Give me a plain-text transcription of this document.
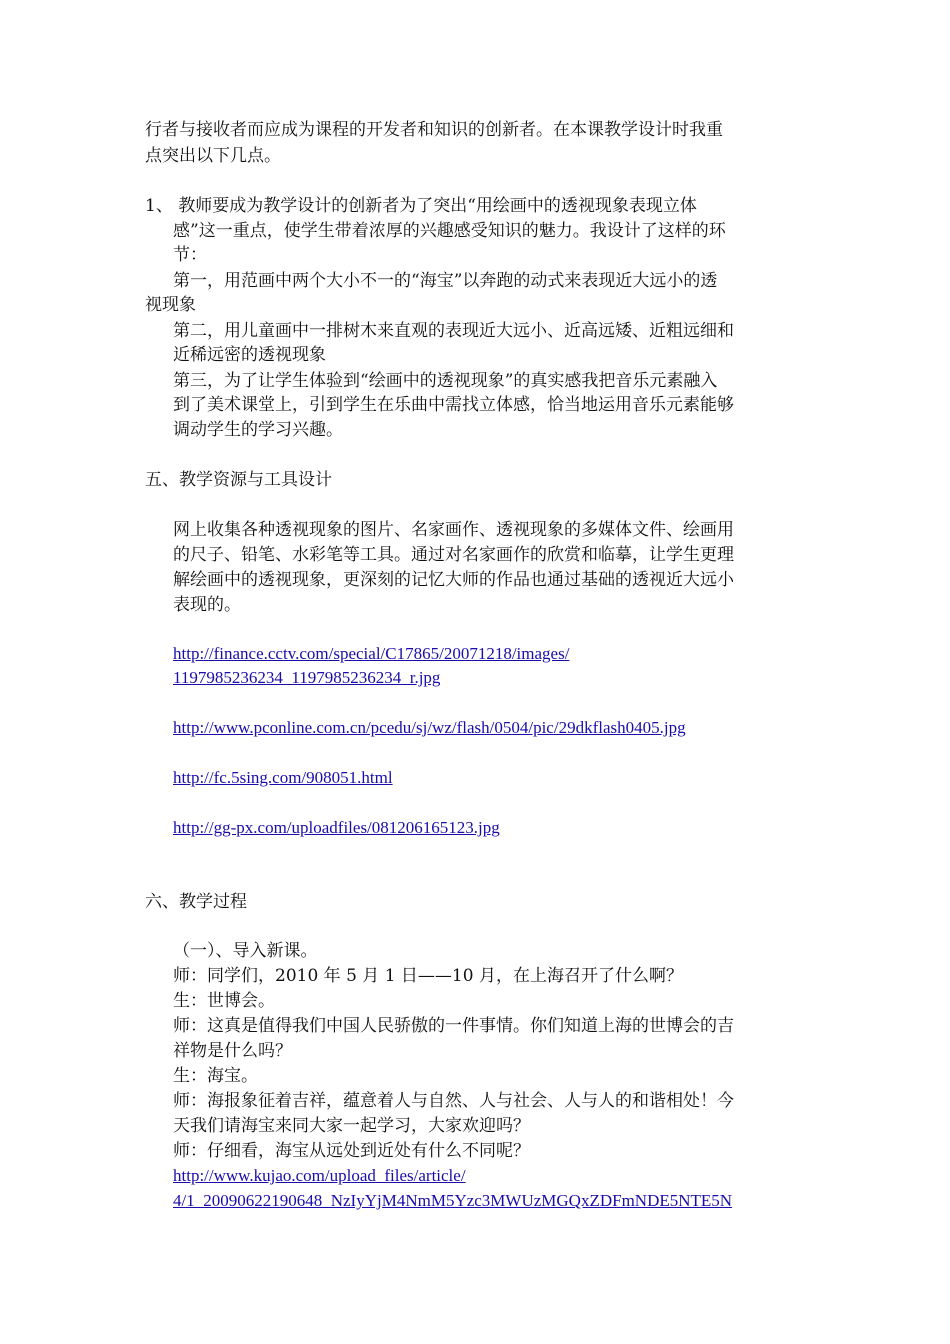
行者与接收者而应成为课程的开发者和知识的创新者。在本课教学设计时我重
点突出以下几点。
1、 教师要成为教学设计的创新者为了突出“用绘画中的透视现象表现立体
感”这一重点，使学生带着浓厚的兴趣感受知识的魅力。我设计了这样的环
节：
第一，用范画中两个大小不一的“海宝”以奔跑的动式来表现近大远小的透
视现象
第二，用儿童画中一排树木来直观的表现近大远小、近高远矮、近粗远细和
近稀远密的透视现象
第三，为了让学生体验到“绘画中的透视现象”的真实感我把音乐元素融入
到了美术课堂上，引到学生在乐曲中需找立体感，恰当地运用音乐元素能够
调动学生的学习兴趣。
五、教学资源与工具设计
网上收集各种透视现象的图片、名家画作、透视现象的多媒体文件、绘画用
的尺子、铅笔、水彩笔等工具。通过对名家画作的欣赏和临摹，让学生更理
解绘画中的透视现象，更深刻的记忆大师的作品也通过基础的透视近大远小
表现的。
http://finance.cctv.com/special/C17865/20071218/images/
1197985236234_1197985236234_r.jpg
http://www.pconline.com.cn/pcedu/sj/wz/flash/0504/pic/29dkflash0405.jpg
http://fc.5sing.com/908051.html
http://gg-px.com/uploadfiles/081206165123.jpg
六、教学过程
（一）、导入新课。
师：同学们，2010 年 5 月 1 日——10 月，在上海召开了什么啊？
生：世博会。
师：这真是值得我们中国人民骄傲的一件事情。你们知道上海的世博会的吉
祥物是什么吗？
生：海宝。
师：海报象征着吉祥，蕴意着人与自然、人与社会、人与人的和谐相处！今
天我们请海宝来同大家一起学习，大家欢迎吗？
师：仔细看，海宝从远处到近处有什么不同呢？
http://www.kujao.com/upload_files/article/
4/1_20090622190648_NzIyYjM4NmM5Yzc3MWUzMGQxZDFmNDE5NTE5N
